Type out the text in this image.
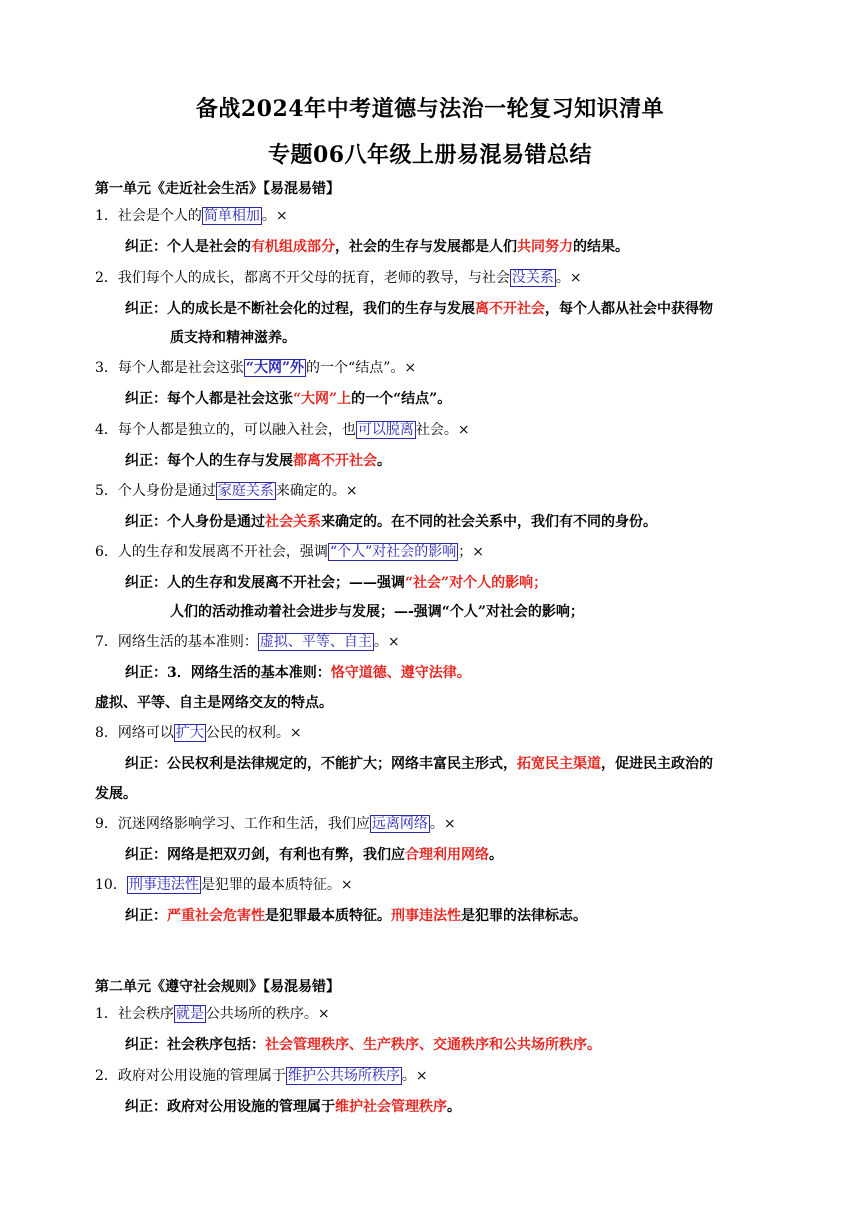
备战2024年中考道德与法治一轮复习知识清单
专题06八年级上册易混易错总结
第一单元《走近社会生活》【易混易错】
1．社会是个人的 简单相加 。×
纠正：个人是社会的有机组成部分，社会的生存与发展都是人们共同努力的结果。
2．我们每个人的成长，都离不开父母的抚育，老师的教导，与社会 没关系 。×
纠正：人的成长是不断社会化的过程，我们的生存与发展离不开社会，每个人都从社会中获得物
质支持和精神滋养。
3．每个人都是社会这张 “大网”外 的一个“结点”。×
纠正：每个人都是社会这张“大网”上的一个“结点”。
4．每个人都是独立的，可以融入社会，也 可以脱离 社会。×
纠正：每个人的生存与发展都离不开社会。
5．个人身份是通过 家庭关系 来确定的。×
纠正：个人身份是通过社会关系来确定的。在不同的社会关系中，我们有不同的身份。
6．人的生存和发展离不开社会，强调 “个人”对社会的影响 ；×
纠正：人的生存和发展离不开社会；——强调“社会”对个人的影响；
人们的活动推动着社会进步与发展；—-强调“个人”对社会的影响；
7．网络生活的基本准则： 虚拟、平等、自主 。×
纠正：3．网络生活的基本准则：恪守道德、遵守法律。
虚拟、平等、自主是网络交友的特点。
8．网络可以 扩大 公民的权利。×
纠正：公民权利是法律规定的，不能扩大；网络丰富民主形式，拓宽民主渠道，促进民主政治的
发展。
9．沉迷网络影响学习、工作和生活，我们应 远离网络 。×
纠正：网络是把双刃剑，有利也有弊，我们应合理利用网络。
10． 刑事违法性 是犯罪的最本质特征。×
纠正：严重社会危害性是犯罪最本质特征。刑事违法性是犯罪的法律标志。
第二单元《遵守社会规则》【易混易错】
1．社会秩序 就是 公共场所的秩序。×
纠正：社会秩序包括：社会管理秩序、生产秩序、交通秩序和公共场所秩序。
2．政府对公用设施的管理属于 维护公共场所秩序 。×
纠正：政府对公用设施的管理属于维护社会管理秩序。
